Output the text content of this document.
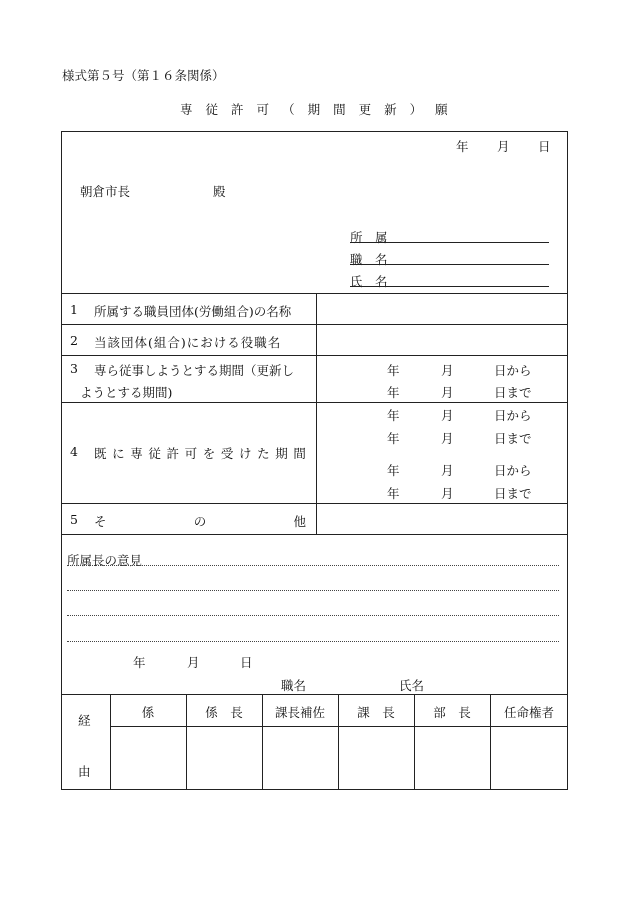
様式第５号（第１６条関係）
専 従 許 可 （ 期 間 更 新 ） 願
年 月 日
朝倉市長	殿
所　属
職　名
氏　名
1 所属する職員団体(労働組合)の名称
2 当該団体(組合)における役職名
3 専ら従事しようとする期間（更新し
ようとする期間)
年	月	日から
年	月	日まで
4 既 に 専 従 許 可 を 受 け た 期 間
年	月	日から
年	月	日まで
年	月	日から
年	月	日まで
5 そ	の	他
所属長の意見
年	月	日
職名	氏名
経
由
係	係　長	課長補佐	課　長	部　長	任命権者
